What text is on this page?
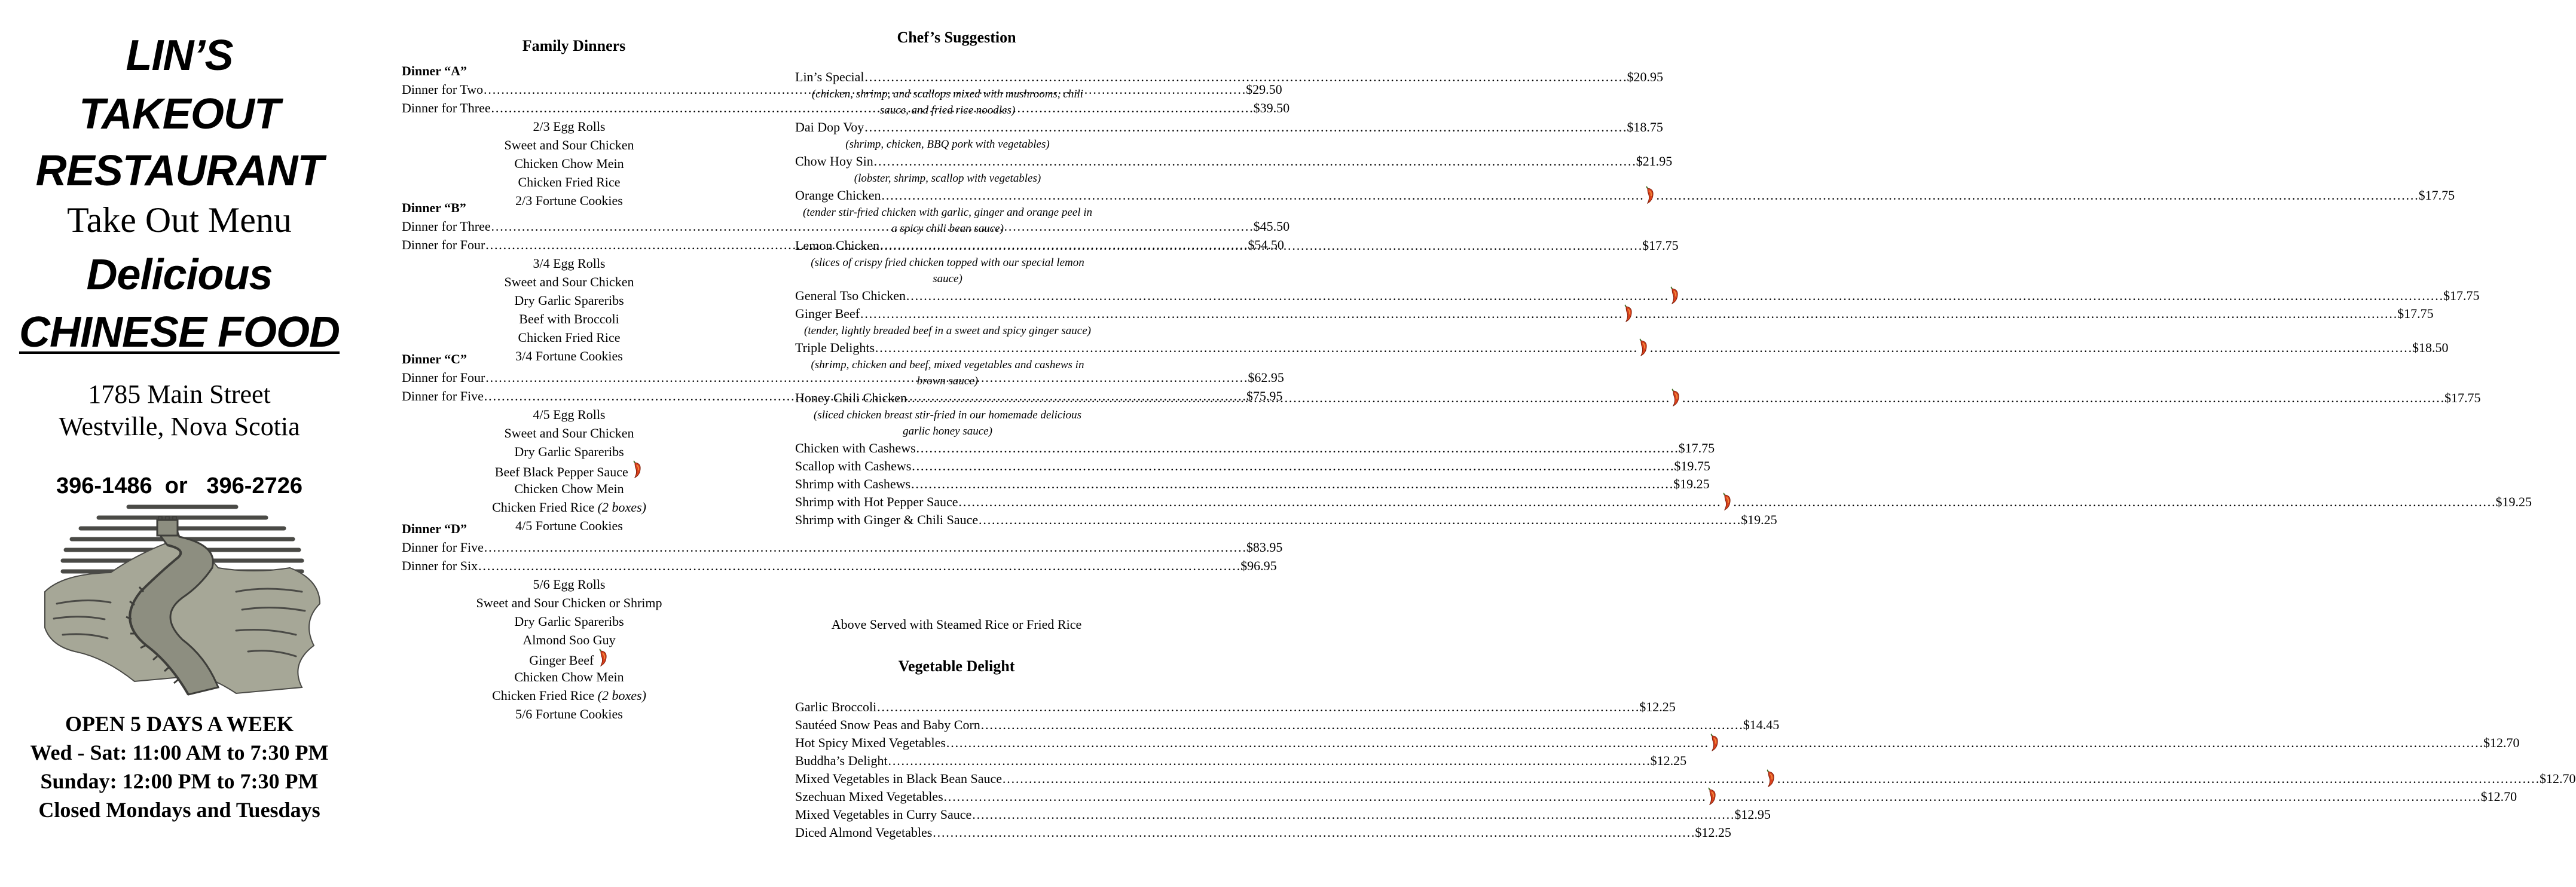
LIN’S
TAKEOUT
RESTAURANT
Take Out Menu
Delicious
CHINESE FOOD
1785 Main Street
Westville, Nova Scotia
396-1486  or   396-2726
OPEN 5 DAYS A WEEK
Wed - Sat: 11:00 AM to 7:30 PM
Sunday: 12:00 PM to 7:30 PM
Closed Mondays and Tuesdays
Family Dinners
Dinner “A”
Dinner for Two …………………………………………………………………………………………………………………………………………………………	$29.50
Dinner for Three …………………………………………………………………………………………………………………………………………………………	$39.50
2/3 Egg Rolls
Sweet and Sour Chicken
Chicken Chow Mein
Chicken Fried Rice
2/3 Fortune Cookies
Dinner “B”
Dinner for Three …………………………………………………………………………………………………………………………………………………………	$45.50
Dinner for Four …………………………………………………………………………………………………………………………………………………………	$54.50
3/4 Egg Rolls
Sweet and Sour Chicken
Dry Garlic Spareribs
Beef with Broccoli
Chicken Fried Rice
3/4 Fortune Cookies
Dinner “C”
Dinner for Four …………………………………………………………………………………………………………………………………………………………	$62.95
Dinner for Five …………………………………………………………………………………………………………………………………………………………	$75.95
4/5 Egg Rolls
Sweet and Sour Chicken
Dry Garlic Spareribs
Beef Black Pepper Sauce
Chicken Chow Mein
Chicken Fried Rice (2 boxes)
4/5 Fortune Cookies
Dinner “D”
Dinner for Five …………………………………………………………………………………………………………………………………………………………	$83.95
Dinner for Six …………………………………………………………………………………………………………………………………………………………	$96.95
5/6 Egg Rolls
Sweet and Sour Chicken or Shrimp
Dry Garlic Spareribs
Almond Soo Guy
Ginger Beef
Chicken Chow Mein
Chicken Fried Rice (2 boxes)
5/6 Fortune Cookies
Chef’s Suggestion
Lin’s Special …………………………………………………………………………………………………………………………………………………………	$20.95
(chicken, shrimp, and scallops mixed with mushrooms, chili sauce, and fried rice noodles)
Dai Dop Voy …………………………………………………………………………………………………………………………………………………………	$18.75
(shrimp, chicken, BBQ pork with vegetables)
Chow Hoy Sin …………………………………………………………………………………………………………………………………………………………	$21.95
(lobster, shrimp, scallop with vegetables)
Orange Chicken ………………………………………………………………………………………………………………………………………………………… …………………………………………………………………………………………………………………………………………………………	$17.75
(tender stir-fried chicken with garlic, ginger and orange peel in a spicy chili bean sauce)
Lemon Chicken …………………………………………………………………………………………………………………………………………………………	$17.75
(slices of crispy fried chicken topped with our special lemon sauce)
General Tso Chicken ………………………………………………………………………………………………………………………………………………………… …………………………………………………………………………………………………………………………………………………………	$17.75
Ginger Beef ………………………………………………………………………………………………………………………………………………………… …………………………………………………………………………………………………………………………………………………………	$17.75
(tender, lightly breaded beef in a sweet and spicy ginger sauce)
Triple Delights ………………………………………………………………………………………………………………………………………………………… …………………………………………………………………………………………………………………………………………………………	$18.50
(shrimp, chicken and beef, mixed vegetables and cashews in brown sauce)
Honey Chili Chicken ………………………………………………………………………………………………………………………………………………………… …………………………………………………………………………………………………………………………………………………………	$17.75
(sliced chicken breast stir-fried in our homemade delicious garlic honey sauce)
Chicken with Cashews …………………………………………………………………………………………………………………………………………………………	$17.75
Scallop with Cashews …………………………………………………………………………………………………………………………………………………………	$19.75
Shrimp with Cashews …………………………………………………………………………………………………………………………………………………………	$19.25
Shrimp with Hot Pepper Sauce ………………………………………………………………………………………………………………………………………………………… …………………………………………………………………………………………………………………………………………………………	$19.25
Shrimp with Ginger & Chili Sauce …………………………………………………………………………………………………………………………………………………………	$19.25
Above Served with Steamed Rice or Fried Rice
Vegetable Delight
Garlic Broccoli …………………………………………………………………………………………………………………………………………………………	$12.25
Sautéed Snow Peas and Baby Corn …………………………………………………………………………………………………………………………………………………………	$14.45
Hot Spicy Mixed Vegetables ………………………………………………………………………………………………………………………………………………………… …………………………………………………………………………………………………………………………………………………………	$12.70
Buddha’s Delight …………………………………………………………………………………………………………………………………………………………	$12.25
Mixed Vegetables in Black Bean Sauce ………………………………………………………………………………………………………………………………………………………… …………………………………………………………………………………………………………………………………………………………	$12.70
Szechuan Mixed Vegetables ………………………………………………………………………………………………………………………………………………………… …………………………………………………………………………………………………………………………………………………………	$12.70
Mixed Vegetables in Curry Sauce …………………………………………………………………………………………………………………………………………………………	$12.95
Diced Almond Vegetables …………………………………………………………………………………………………………………………………………………………	$12.25
